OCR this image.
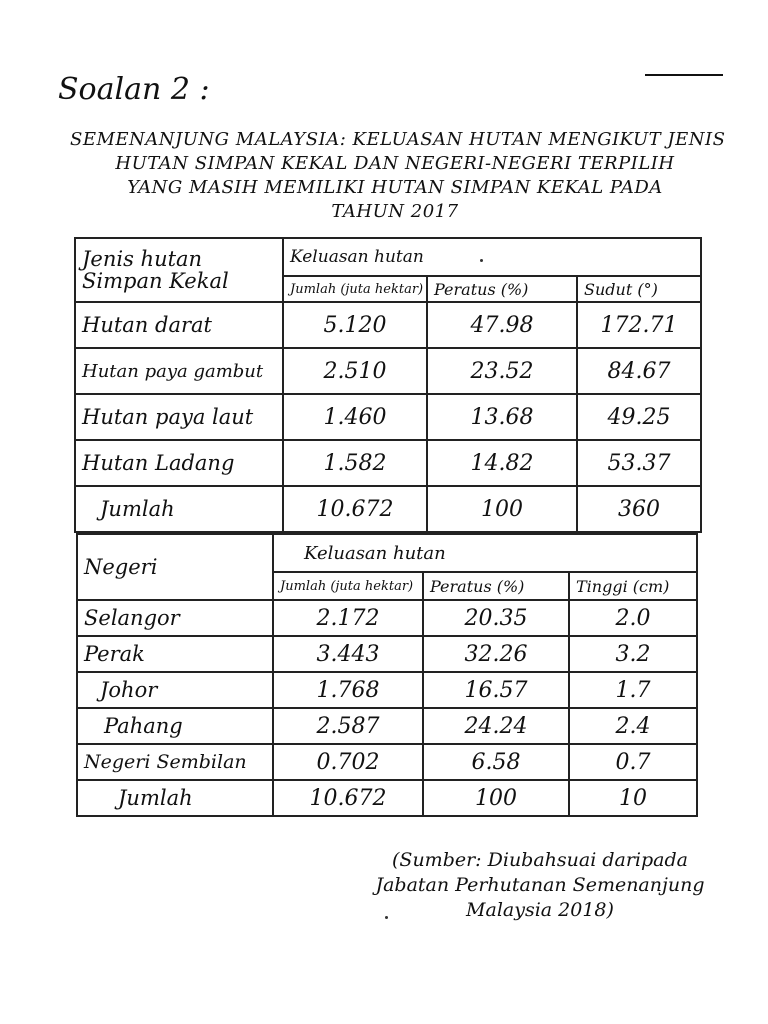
Soalan 2 :
SEMENANJUNG MALAYSIA: KELUASAN HUTAN MENGIKUT JENIS
HUTAN SIMPAN KEKAL DAN NEGERI-NEGERI TERPILIH
YANG MASIH MEMILIKI HUTAN SIMPAN KEKAL PADA
TAHUN 2017
Jenis hutan Simpan Kekal	Keluasan hutan		
	Jumlah (juta hektar)	Peratus (%)	Sudut (°)
Hutan darat	5.120	47.98	172.71
Hutan paya gambut	2.510	23.52	84.67
Hutan paya laut	1.460	13.68	49.25
Hutan Ladang	1.582	14.82	53.37
Jumlah	10.672	100	360
Negeri	Keluasan hutan		
	Jumlah (juta hektar)	Peratus (%)	Tinggi (cm)
Selangor	2.172	20.35	2.0
Perak	3.443	32.26	3.2
Johor	1.768	16.57	1.7
Pahang	2.587	24.24	2.4
Negeri Sembilan	0.702	6.58	0.7
Jumlah	10.672	100	10
(Sumber: Diubahsuai daripada
Jabatan Perhutanan Semenanjung
Malaysia 2018)
